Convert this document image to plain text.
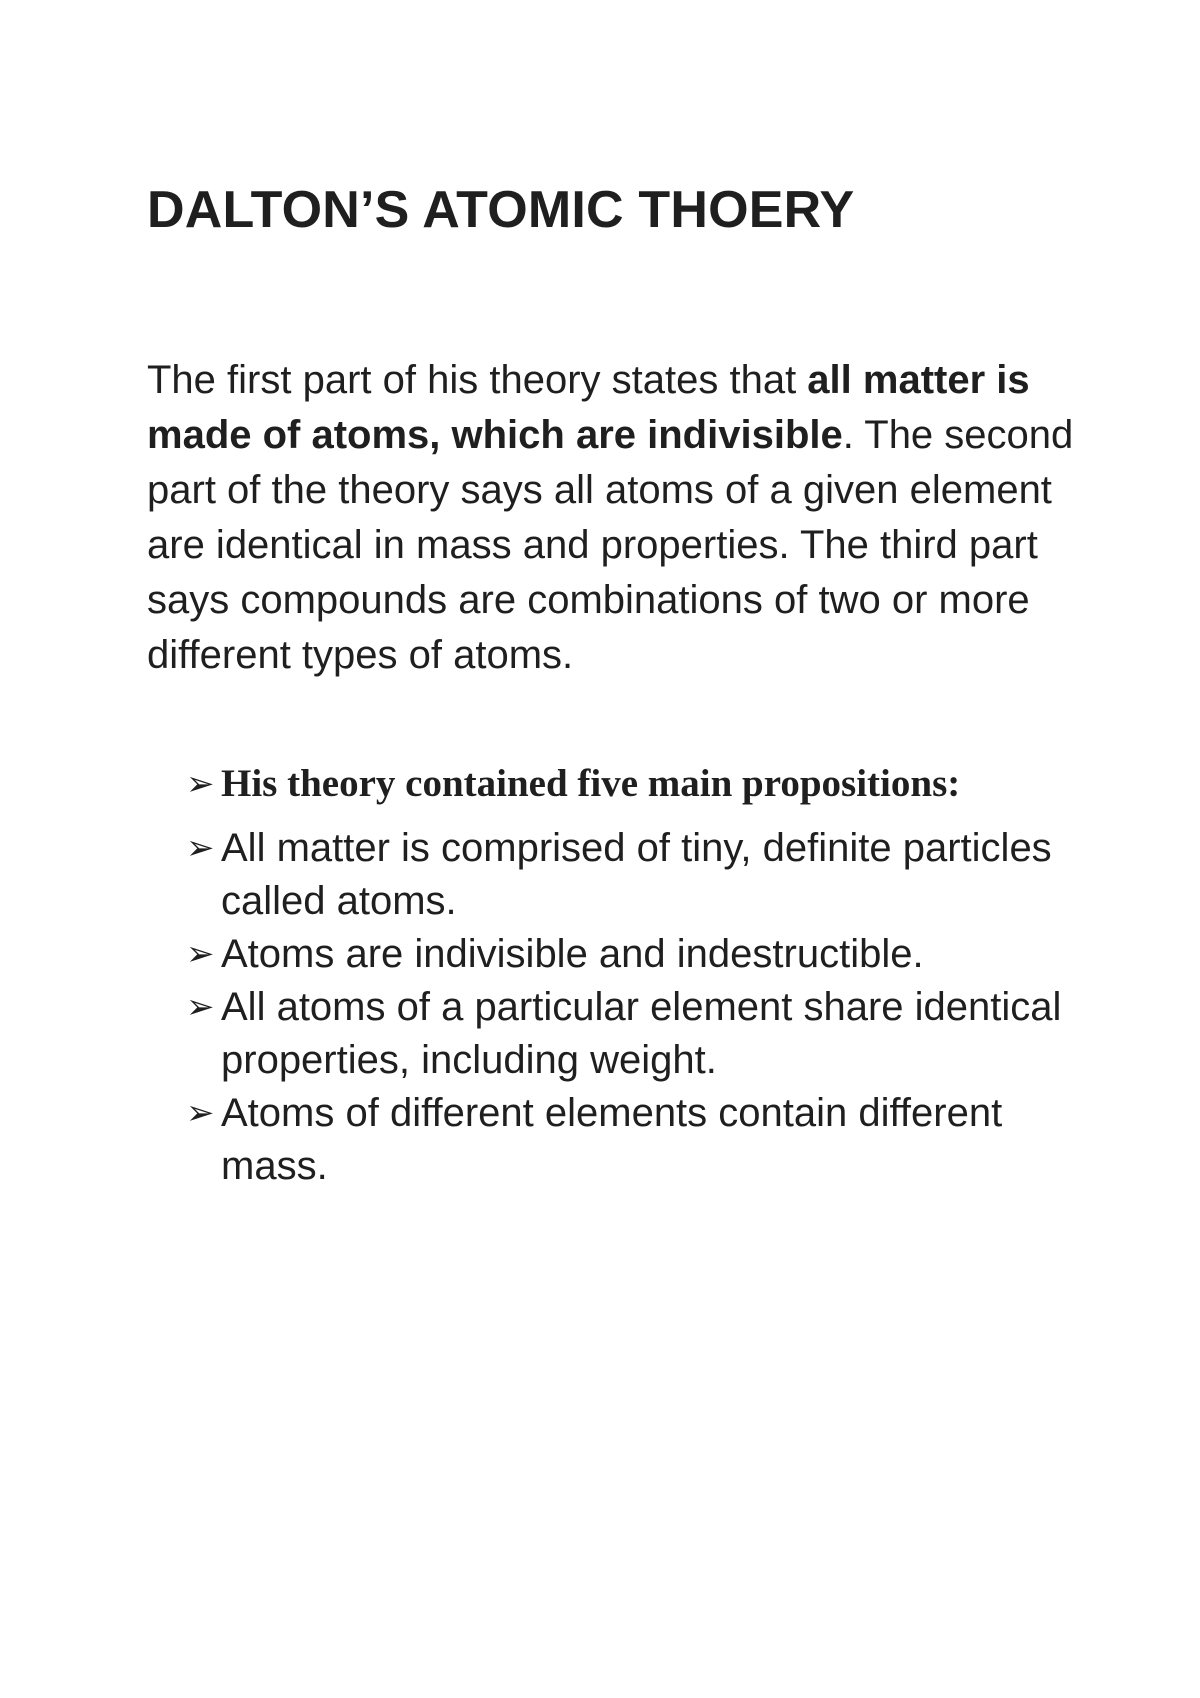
DALTON’S ATOMIC THOERY

The first part of his theory states that all matter is made of atoms, which are indivisible. The second part of the theory says all atoms of a given element are identical in mass and properties. The third part says compounds are combinations of two or more different types of atoms.

➢ His theory contained five main propositions:
➢ All matter is comprised of tiny, definite particles called atoms.
➢ Atoms are indivisible and indestructible.
➢ All atoms of a particular element share identical properties, including weight.
➢ Atoms of different elements contain different mass.
